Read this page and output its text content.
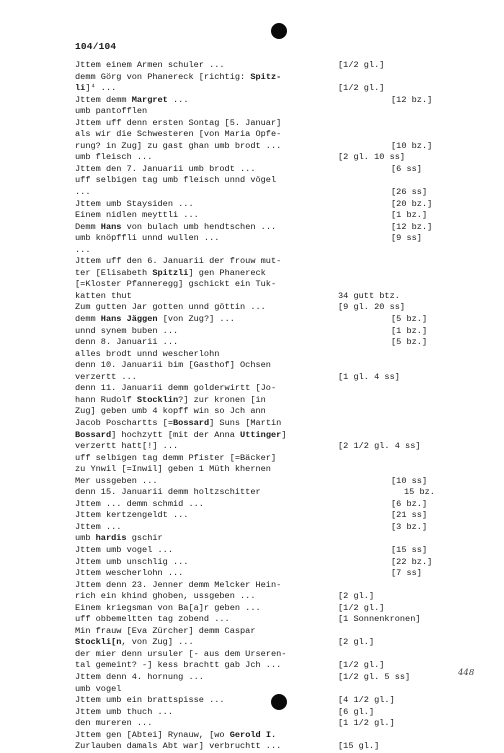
104/104
Jttem einem Armen schuler ...	[1/2 gl.]
demm Görg von Phanereck [richtig: Spitz-
li]⁴ ...	[1/2 gl.]
Jttem demm Margret ...	[12 bz.]
umb pantofflen
Jttem uff denn ersten Sontag [5. Januar]
als wir die Schwesteren [von Maria Opfe-
rung? in Zug] zu gast ghan umb brodt ...	[10 bz.]
umb fleisch ...	[2 gl. 10 ss]
Jttem den 7. Januarii umb brodt ...	[6 ss]
uff selbigen tag umb fleisch unnd vögel
...	[26 ss]
Jttem umb Staysiden ...	[20 bz.]
Einem nidlen meyttli ...	[1 bz.]
Demm Hans von bulach umb hendtschen ...	[12 bz.]
umb knöpffli unnd wullen ...	[9 ss]
...
Jttem uff den 6. Januarii der frouw mut-
ter [Elisabeth Spitzli] gen Phanereck
[=Kloster Pfanneregg] gschickt ein Tuk-
katten thut	34 gutt btz.
Zum gutten Jar gotten unnd göttin ...	[9 gl. 20 ss]
demm Hans Jäggen [von Zug?] ...	[5 bz.]
unnd synem buben ...	[1 bz.]
denn 8. Januarii ...	[5 bz.]
alles brodt unnd wescherlohn
denn 10. Januarii bim [Gasthof] Ochsen
verzertt ...	[1 gl. 4 ss]
denn 11. Januarii demm golderwirtt [Jo-
hann Rudolf Stocklin?] zur kronen [in
Zug] geben umb 4 kopff win so Jch ann
Jacob Poschartts [=Bossard] Suns [Martin
Bossard] hochzytt [mit der Anna Uttinger]
verzertt hatt[!] ...	[2 1/2 gl. 4 ss]
uff selbigen tag demm Pfister [=Bäcker]
zu Ynwil [=Inwil] geben 1 Müth khernen
Mer ussgeben ...	[10 ss]
denn 15. Januarii demm holtzschitter	15 bz.
Jttem ... demm schmid ...	[6 bz.]
Jttem kertzengeldt ...	[21 ss]
Jttem ...	[3 bz.]
umb hardis gschir
Jttem umb vogel ...	[15 ss]
Jttem umb unschlig ...	[22 bz.]
Jttem wescherlohn ...	[7 ss]
Jttem denn 23. Jenner demm Melcker Hein-
rich ein khind ghoben, ussgeben ...	[2 gl.]
Einem kriegsman von Ba[a]r geben ...	[1/2 gl.]
uff obbemeltten tag zobend ...	[1 Sonnenkronen]
Min frauw [Eva Zürcher] demm Caspar
Stockli[n, von Zug] ...	[2 gl.]
der mier denn ursuler [- aus dem Urseren-
tal gemeint? -] kess brachtt gab Jch ...	[1/2 gl.]
Jttem denn 4. hornung ...	[1/2 gl. 5 ss]
umb vogel
Jttem umb ein brattspisse ...	[4 1/2 gl.]
Jttem umb thuch ...	[6 gl.]
den mureren ...	[1 1/2 gl.]
Jttem gen [Abtei] Rynauw, [wo Gerold I.
Zurlauben damals Abt war] verbruchtt ...	[15 gl.]
448
